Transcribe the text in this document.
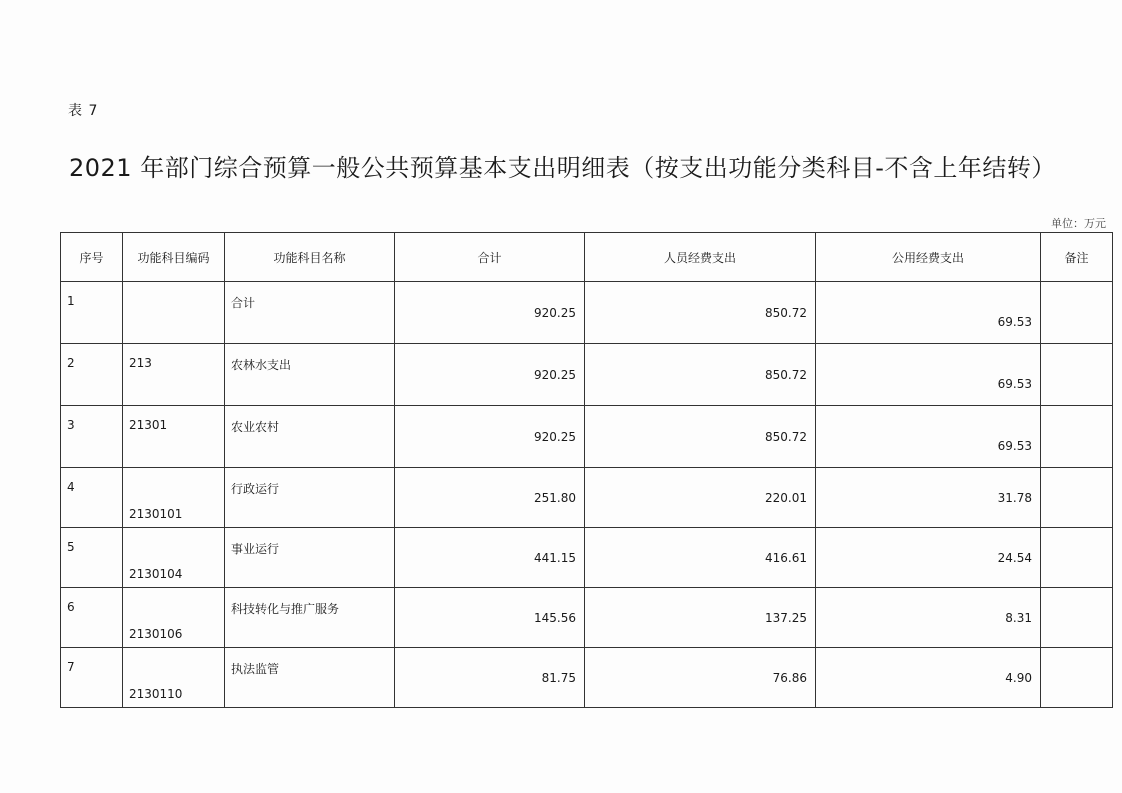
表 7
2021 年部门综合预算一般公共预算基本支出明细表（按支出功能分类科目-不含上年结转）
单位：万元
序号	功能科目编码	功能科目名称	合计	人员经费支出	公用经费支出	备注
1		合计	920.25	850.72	69.53	
2	213	农林水支出	920.25	850.72	69.53	
3	21301	农业农村	920.25	850.72	69.53	
4	2130101	行政运行	251.80	220.01	31.78	
5	2130104	事业运行	441.15	416.61	24.54	
6	2130106	科技转化与推广服务	145.56	137.25	8.31	
7	2130110	执法监管	81.75	76.86	4.90	
